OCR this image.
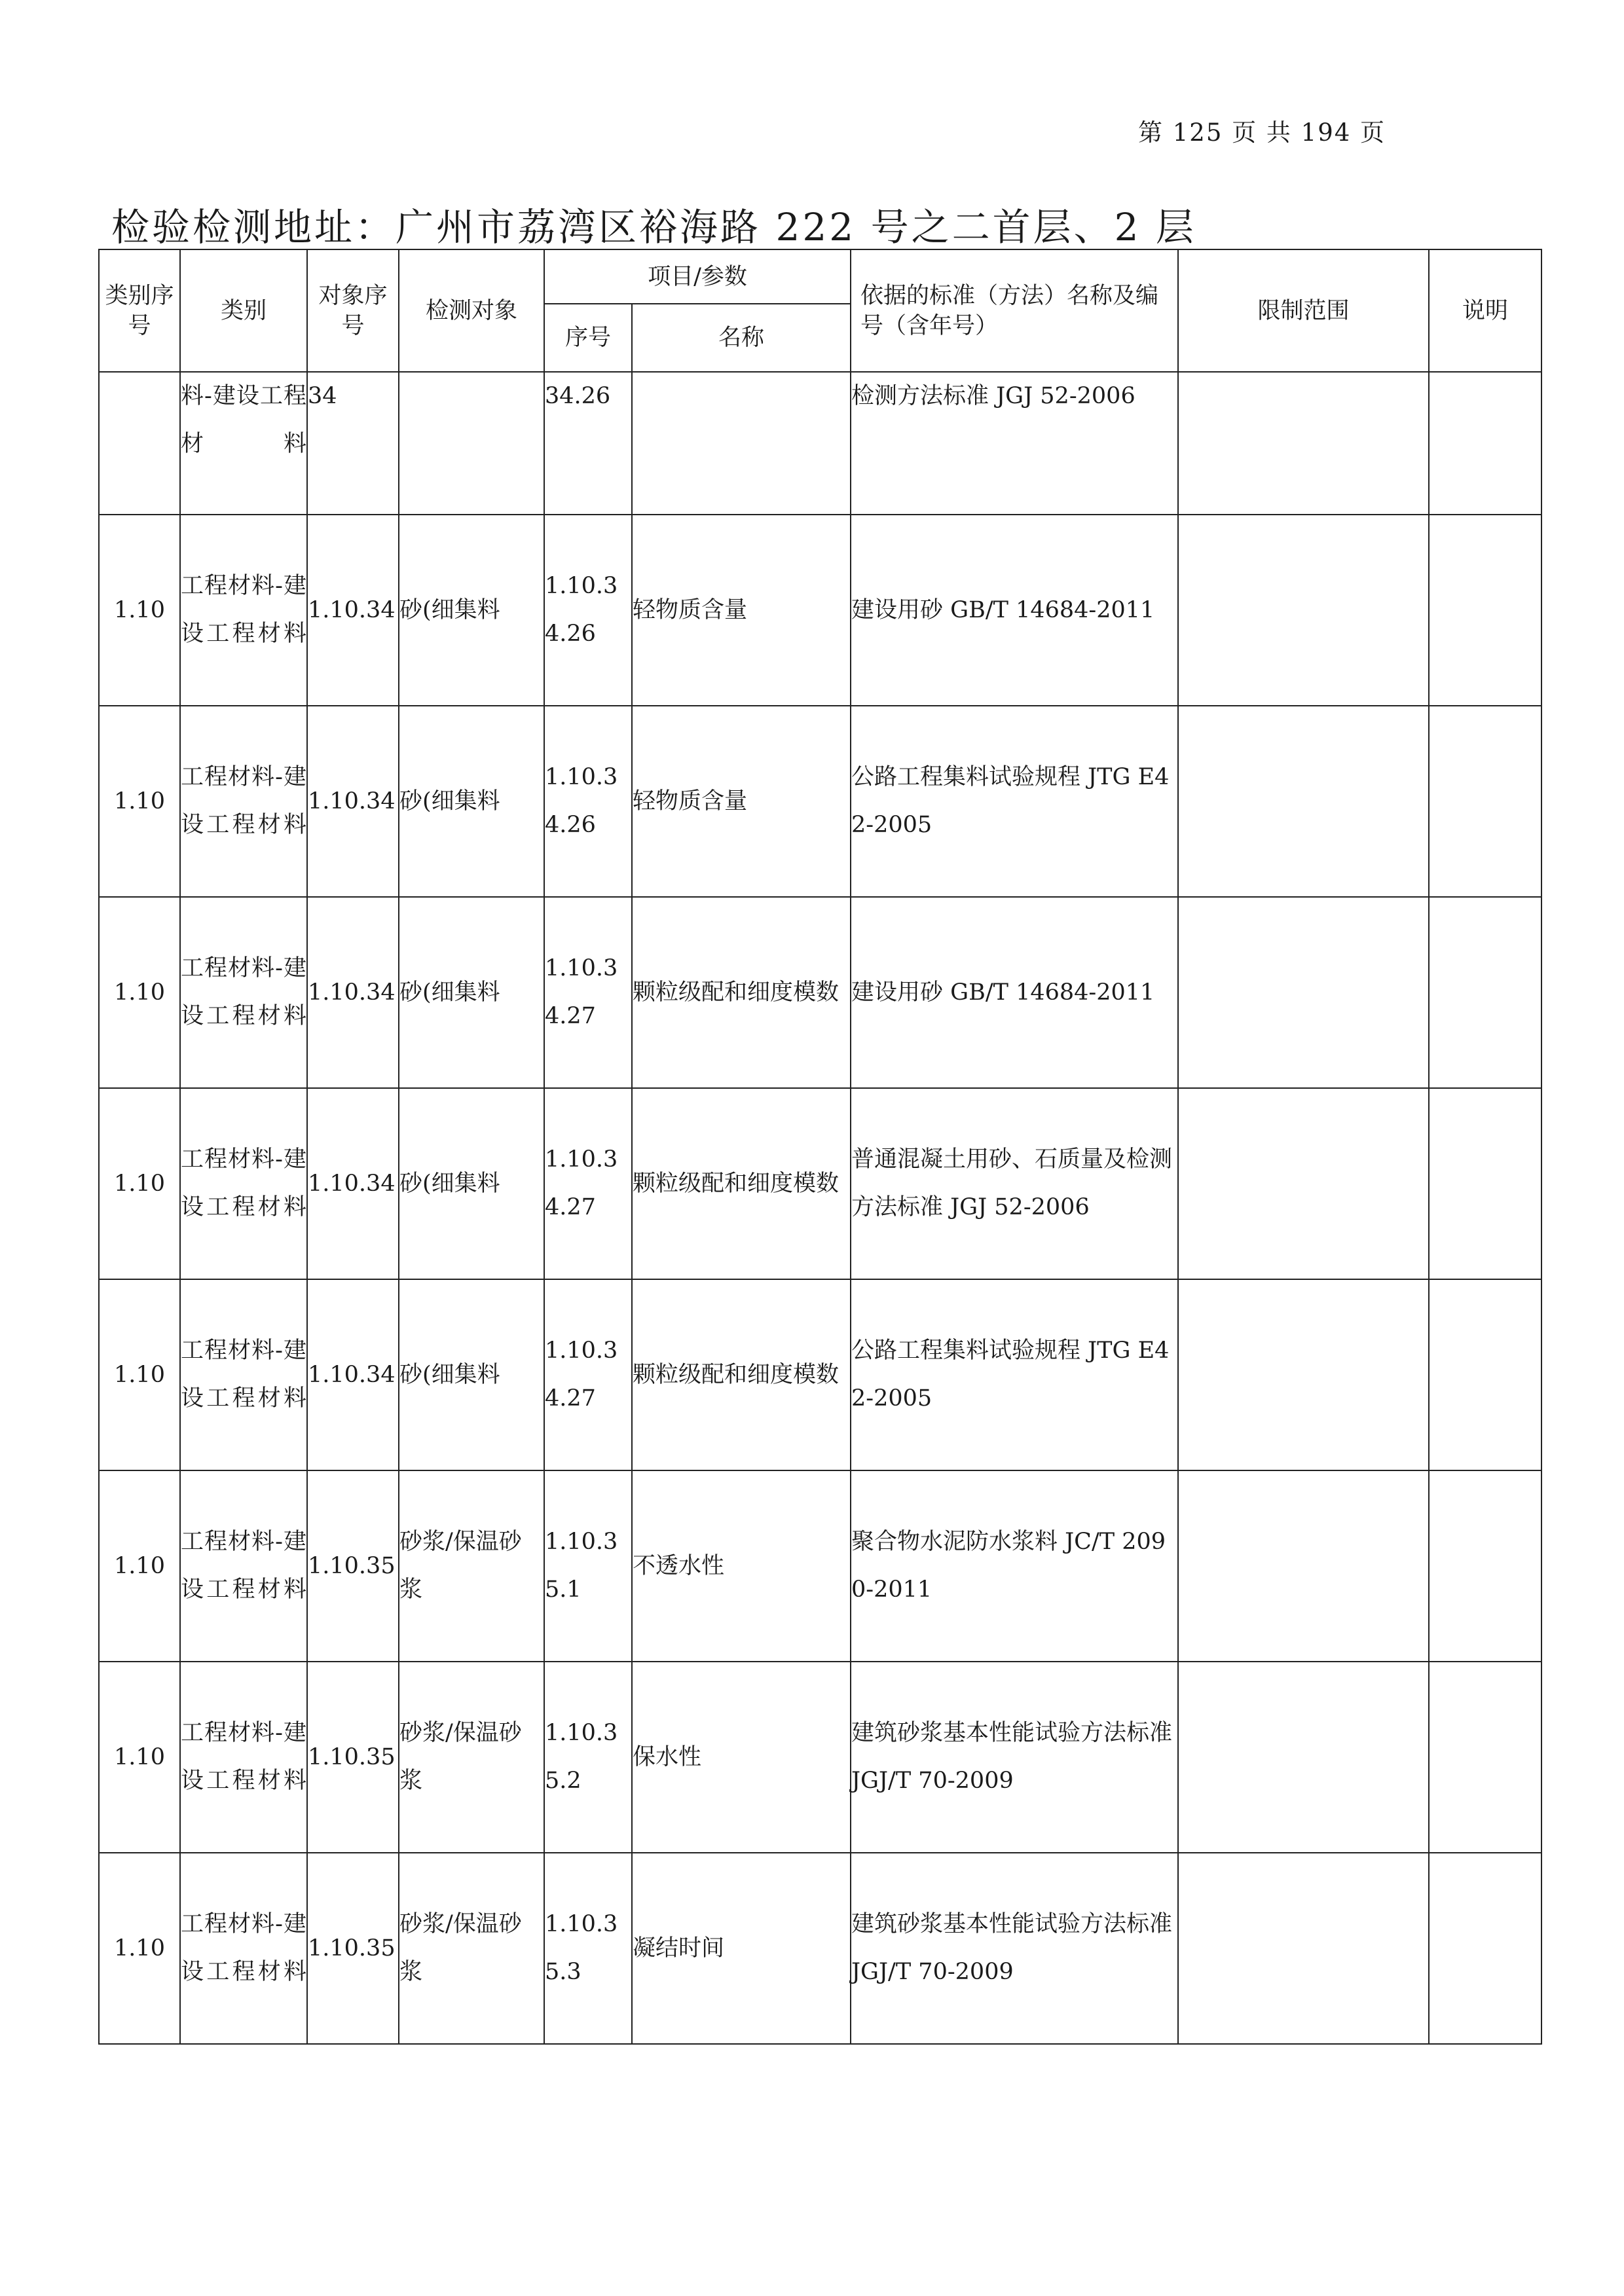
第 125 页 共 194 页
检验检测地址：广州市荔湾区裕海路 222 号之二首层、2 层
类别序号	类别	对象序号	检测对象	项目/参数		依据的标准（方法）名称及编号（含年号）	限制范围	说明
				序号	名称			
	料-建设工程材料	34		34.26		检测方法标准 JGJ 52-2006		
1.10	工程材料-建设工程材料	1.10.34	砂(细集料	1.10.34.26	轻物质含量	建设用砂 GB/T 14684-2011		
1.10	工程材料-建设工程材料	1.10.34	砂(细集料	1.10.34.26	轻物质含量	公路工程集料试验规程 JTG E42-2005		
1.10	工程材料-建设工程材料	1.10.34	砂(细集料	1.10.34.27	颗粒级配和细度模数	建设用砂 GB/T 14684-2011		
1.10	工程材料-建设工程材料	1.10.34	砂(细集料	1.10.34.27	颗粒级配和细度模数	普通混凝土用砂、石质量及检测方法标准 JGJ 52-2006		
1.10	工程材料-建设工程材料	1.10.34	砂(细集料	1.10.34.27	颗粒级配和细度模数	公路工程集料试验规程 JTG E42-2005		
1.10	工程材料-建设工程材料	1.10.35	砂浆/保温砂浆	1.10.35.1	不透水性	聚合物水泥防水浆料 JC/T 2090-2011		
1.10	工程材料-建设工程材料	1.10.35	砂浆/保温砂浆	1.10.35.2	保水性	建筑砂浆基本性能试验方法标准 JGJ/T 70-2009		
1.10	工程材料-建设工程材料	1.10.35	砂浆/保温砂浆	1.10.35.3	凝结时间	建筑砂浆基本性能试验方法标准 JGJ/T 70-2009		
